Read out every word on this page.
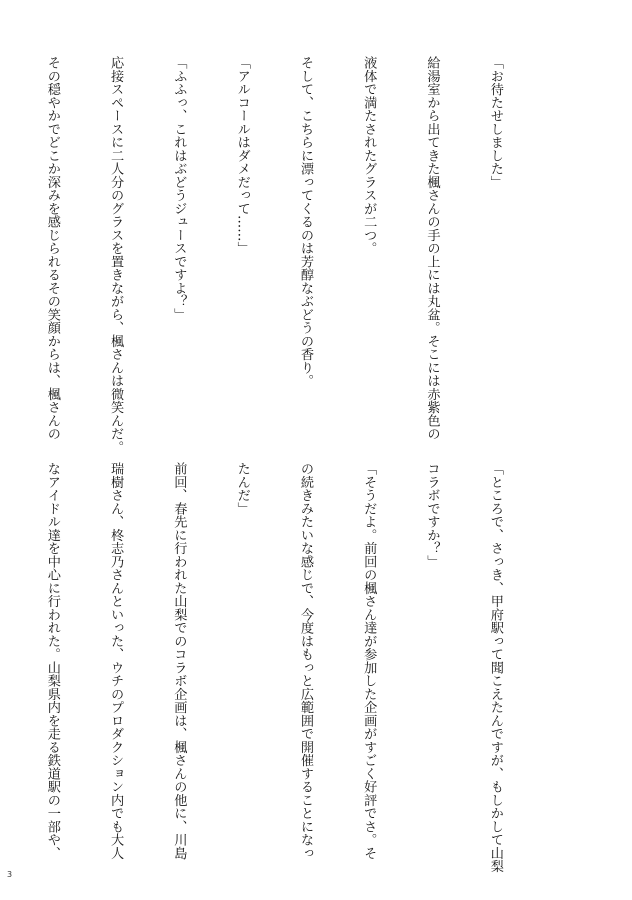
「お待たせしました」

給湯室から出てきた楓さんの手の上には丸盆。そこには赤紫色の

液体で満たされたグラスが二つ。

そして、こちらに漂ってくるのは芳醇なぶどうの香り。

「アルコールはダメだって……」

「ふふっ、これはぶどうジュースですよ？」

応接スペースに二人分のグラスを置きながら、楓さんは微笑んだ。

その穏やかでどこか深みを感じられるその笑顔からは、楓さんの

「ところで、さっき、甲府駅って聞こえたんですが、もしかして山梨

コラボですか？」

「そうだよ。前回の楓さん達が参加した企画がすごく好評でさ。そ

の続きみたいな感じで、今度はもっと広範囲で開催することになっ

たんだ」

前回、春先に行われた山梨でのコラボ企画は、楓さんの他に、川島

瑞樹さん、柊志乃さんといった、ウチのプロダクション内でも大人

なアイドル達を中心に行われた。山梨県内を走る鉄道駅の一部や、

3
